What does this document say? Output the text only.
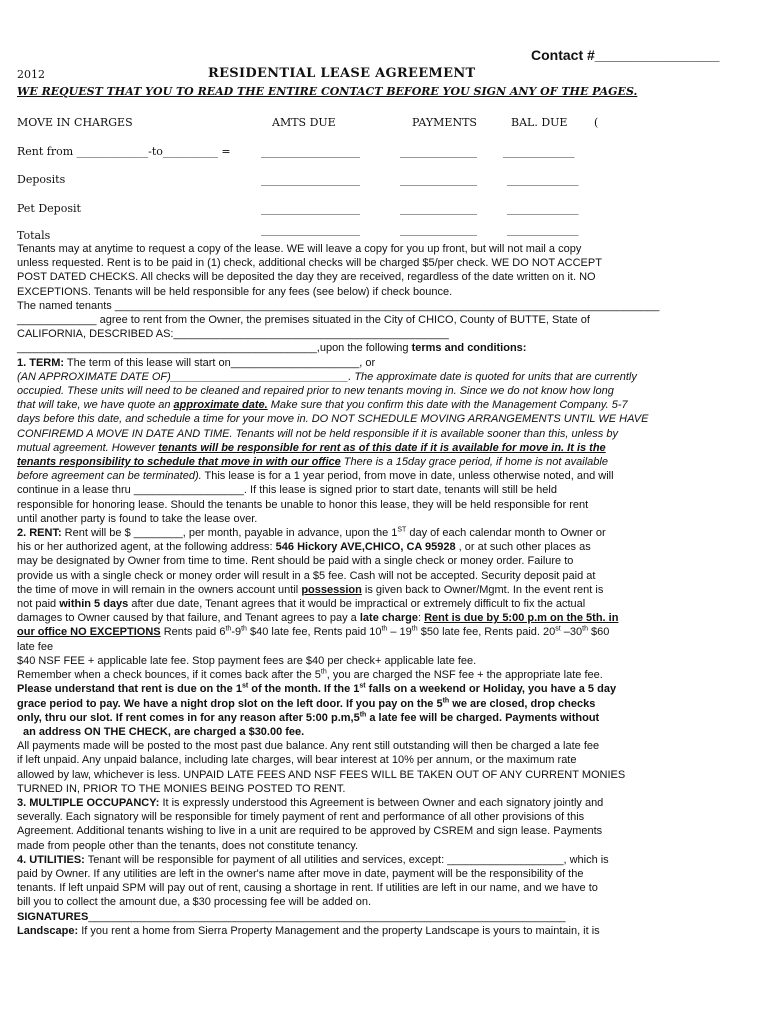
Contact #________________
2012	RESIDENTIAL LEASE AGREEMENT
WE REQUEST THAT YOU TO READ THE ENTIRE CONTACT BEFORE YOU SIGN ANY OF THE PAGES.
MOVE IN CHARGES	AMTS DUE	PAYMENTS	BAL. DUE (
Rent from _____________-to__________ =	__________________	______________ _____________
Deposits	__________________	______________	_____________
Pet Deposit	__________________	______________	_____________
Totals	__________________	______________	_____________

Tenants may at anytime to request a copy of the lease. WE will leave a copy for you up front, but will not mail a copy
unless requested. Rent is to be paid in (1) check, additional checks will be charged $5/per check. WE DO NOT ACCEPT
POST DATED CHECKS. All checks will be deposited the day they are received, regardless of the date written on it. NO
EXCEPTIONS. Tenants will be held responsible for any fees (see below) if check bounce.

The named tenants _________________________________________________________________________________________

_____________ agree to rent from the Owner, the premises situated in the City of CHICO, County of BUTTE, State of
CALIFORNIA, DESCRIBED AS:_____________________________________________
_________________________________________________,upon the following terms and conditions:

1. TERM: The term of this lease will start on_____________________, or
(AN APPROXIMATE DATE OF)_____________________________. The approximate date is quoted for units that are currently
occupied. These units will need to be cleaned and repaired prior to new tenants moving in. Since we do not know how long
that will take, we have quote an approximate date. Make sure that you confirm this date with the Management Company. 5-7
days before this date, and schedule a time for your move in. DO NOT SCHEDULE MOVING ARRANGEMENTS UNTIL WE HAVE
CONFIREMD A MOVE IN DATE AND TIME. Tenants will not be held responsible if it is available sooner than this, unless by
mutual agreement. However tenants will be responsible for rent as of this date if it is available for move in. It is the
tenants responsibility to schedule that move in with our office There is a 15day grace period, if home is not available
before agreement can be terminated). This lease is for a 1 year period, from move in date, unless otherwise noted, and will
continue in a lease thru __________________. If this lease is signed prior to start date, tenants will still be held
responsible for honoring lease. Should the tenants be unable to honor this lease, they will be held responsible for rent
until another party is found to take the lease over.

2. RENT: Rent will be $ ________, per month, payable in advance, upon the 1ST day of each calendar month to Owner or
his or her authorized agent, at the following address: 546 Hickory AVE,CHICO, CA 95928 , or at such other places as
may be designated by Owner from time to time. Rent should be paid with a single check or money order. Failure to
provide us with a single check or money order will result in a $5 fee. Cash will not be accepted. Security deposit paid at
the time of move in will remain in the owners account until possession is given back to Owner/Mgmt. In the event rent is
not paid within 5 days after due date, Tenant agrees that it would be impractical or extremely difficult to fix the actual
damages to Owner caused by that failure, and Tenant agrees to pay a late charge: Rent is due by 5:00 p.m on the 5th. in
our office NO EXCEPTIONS Rents paid 6th-9th $40 late fee, Rents paid 10th – 19th $50 late fee, Rents paid. 20st –30th $60
late fee
$40 NSF FEE + applicable late fee. Stop payment fees are $40 per check+ applicable late fee.
Remember when a check bounces, if it comes back after the 5th, you are charged the NSF fee + the appropriate late fee.

Please understand that rent is due on the 1st of the month. If the 1st falls on a weekend or Holiday, you have a 5 day
grace period to pay. We have a night drop slot on the left door. If you pay on the 5th we are closed, drop checks
only, thru our slot. If rent comes in for any reason after 5:00 p.m,5th a late fee will be charged. Payments without
an address ON THE CHECK, are charged a $30.00 fee.

All payments made will be posted to the most past due balance. Any rent still outstanding will then be charged a late fee
if left unpaid. Any unpaid balance, including late charges, will bear interest at 10% per annum, or the maximum rate
allowed by law, whichever is less. UNPAID LATE FEES AND NSF FEES WILL BE TAKEN OUT OF ANY CURRENT MONIES
TURNED IN, PRIOR TO THE MONIES BEING POSTED TO RENT.

3. MULTIPLE OCCUPANCY: It is expressly understood this Agreement is between Owner and each signatory jointly and
severally. Each signatory will be responsible for timely payment of rent and performance of all other provisions of this
Agreement. Additional tenants wishing to live in a unit are required to be approved by CSREM and sign lease. Payments
made from people other than the tenants, does not constitute tenancy.

4. UTILITIES: Tenant will be responsible for payment of all utilities and services, except: ___________________, which is
paid by Owner. If any utilities are left in the owner's name after move in date, payment will be the responsibility of the
tenants. If left unpaid SPM will pay out of rent, causing a shortage in rent. If utilities are left in our name, and we have to
bill you to collect the amount due, a $30 processing fee will be added on.

SIGNATURES______________________________________________________________________________

Landscape: If you rent a home from Sierra Property Management and the property Landscape is yours to maintain, it is
